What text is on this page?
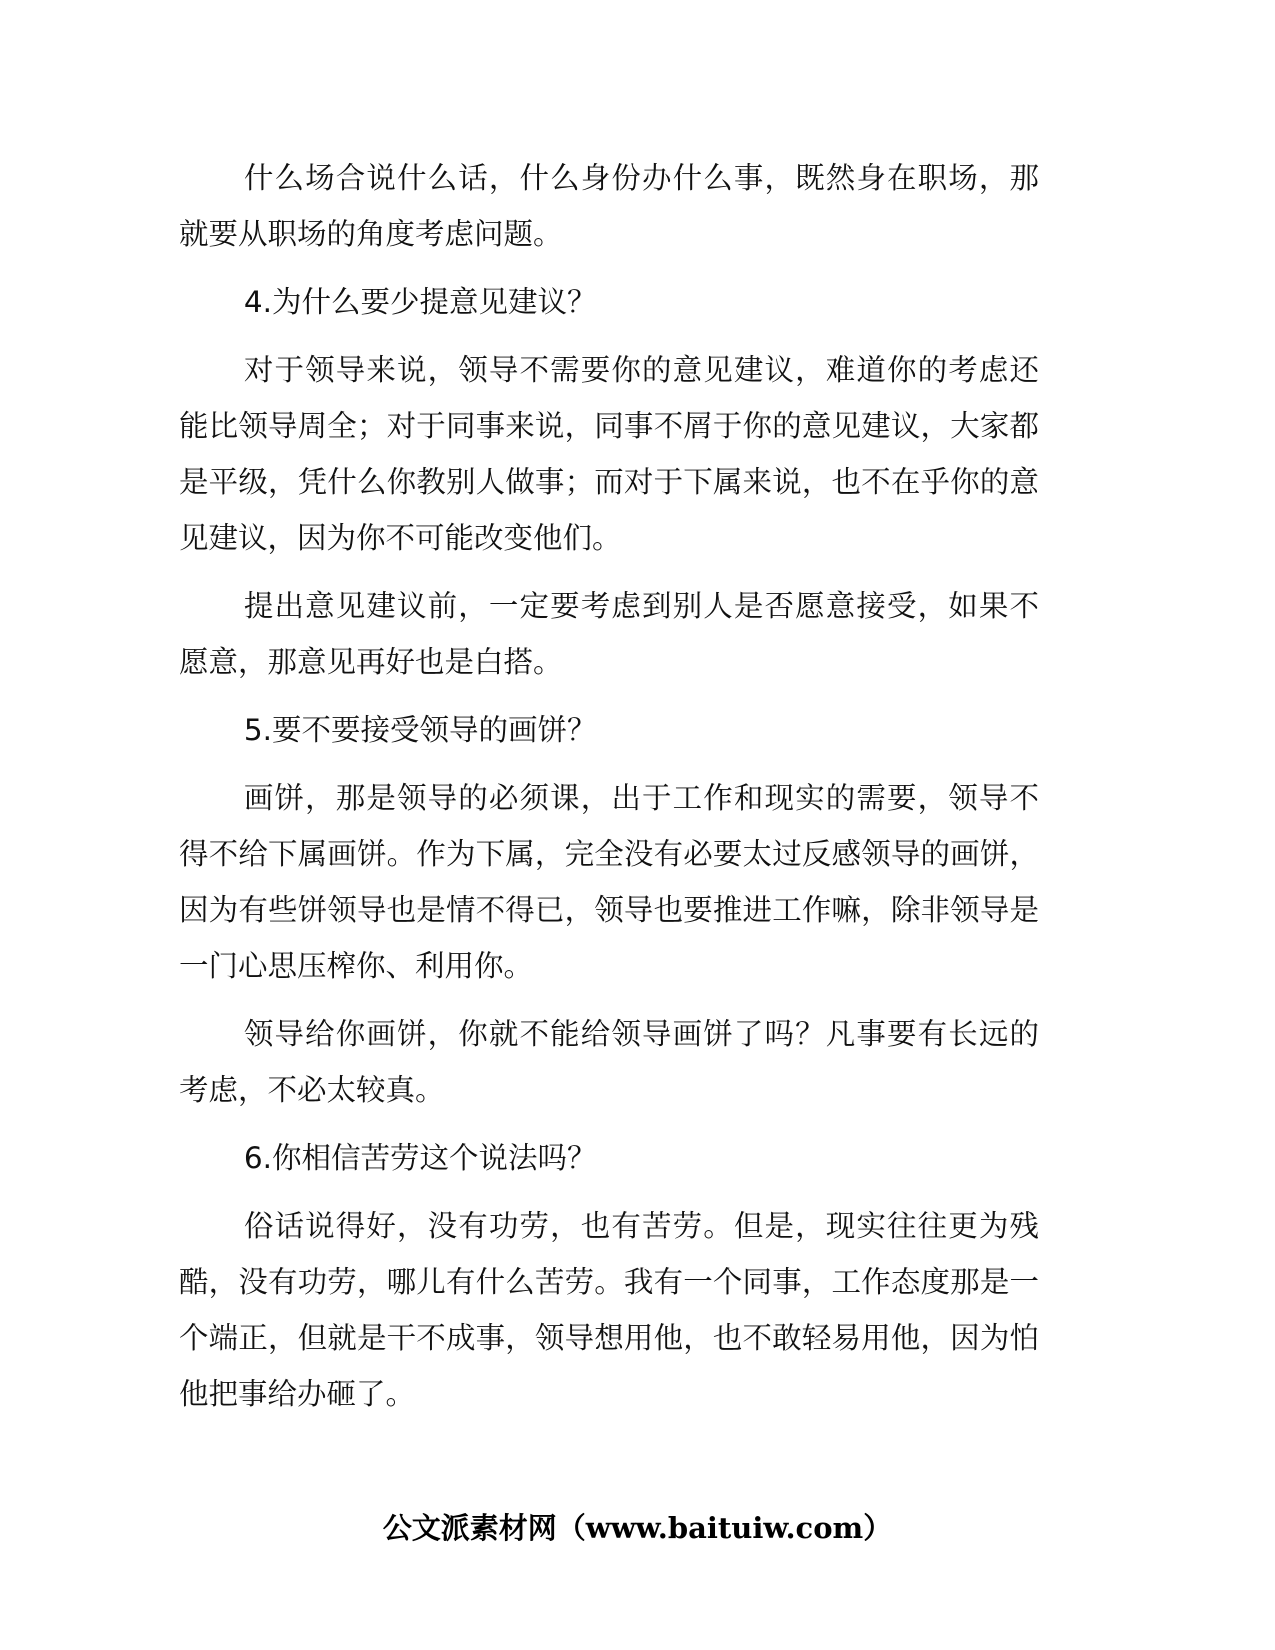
什么场合说什么话，什么身份办什么事，既然身在职场，那就要从职场的角度考虑问题。

4.为什么要少提意见建议？

对于领导来说，领导不需要你的意见建议，难道你的考虑还能比领导周全；对于同事来说，同事不屑于你的意见建议，大家都是平级，凭什么你教别人做事；而对于下属来说，也不在乎你的意见建议，因为你不可能改变他们。

提出意见建议前，一定要考虑到别人是否愿意接受，如果不愿意，那意见再好也是白搭。

5.要不要接受领导的画饼？

画饼，那是领导的必须课，出于工作和现实的需要，领导不得不给下属画饼。作为下属，完全没有必要太过反感领导的画饼，因为有些饼领导也是情不得已，领导也要推进工作嘛，除非领导是一门心思压榨你、利用你。

领导给你画饼，你就不能给领导画饼了吗？凡事要有长远的考虑，不必太较真。

6.你相信苦劳这个说法吗？

俗话说得好，没有功劳，也有苦劳。但是，现实往往更为残酷，没有功劳，哪儿有什么苦劳。我有一个同事，工作态度那是一个端正，但就是干不成事，领导想用他，也不敢轻易用他，因为怕他把事给办砸了。

公文派素材网（www.baituiw.com）
